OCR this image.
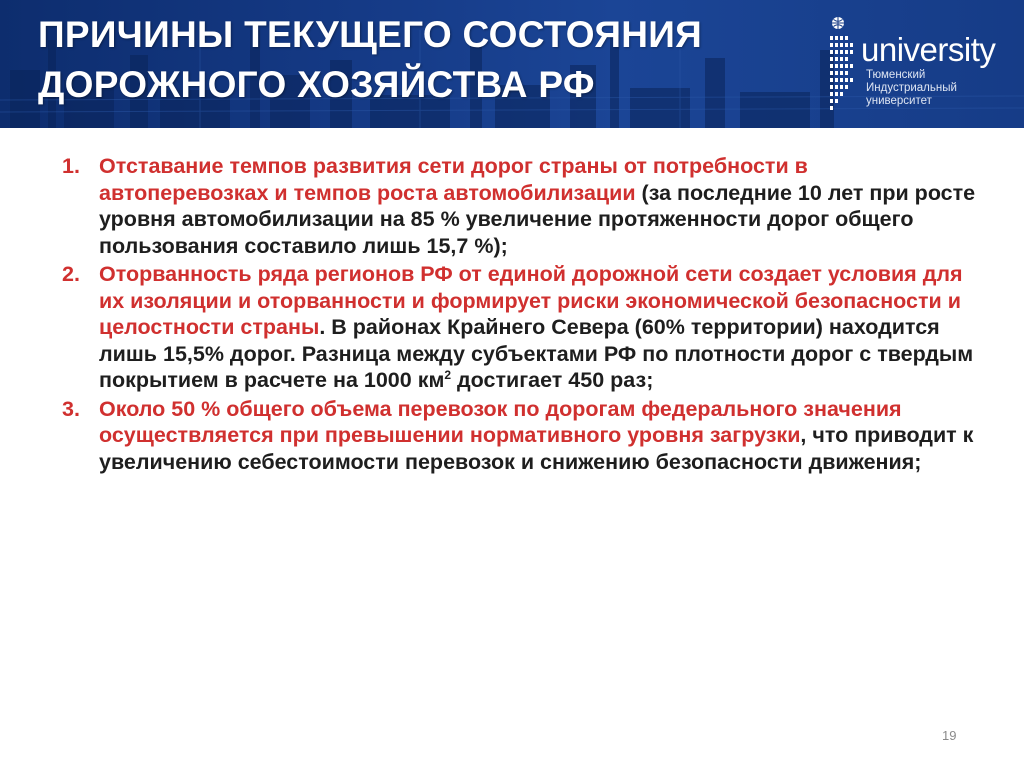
ПРИЧИНЫ ТЕКУЩЕГО СОСТОЯНИЯ
ДОРОЖНОГО ХОЗЯЙСТВА РФ
university
Тюменский
Индустриальный
университет
1. Отставание темпов развития сети дорог страны от потребности в автоперевозках и темпов роста автомобилизации (за последние 10 лет при росте уровня автомобилизации на 85 % увеличение протяженности дорог общего пользования составило лишь 15,7 %);
2. Оторванность ряда регионов РФ от единой дорожной сети создает условия для их изоляции и оторванности и формирует риски экономической безопасности и целостности страны. В районах Крайнего Севера (60% территории) находится лишь 15,5% дорог. Разница между субъектами РФ по плотности дорог с твердым покрытием в расчете на 1000 $км^2$ достигает 450 раз;
3. Около 50 % общего объема перевозок по дорогам федерального значения осуществляется при превышении нормативного уровня загрузки, что приводит к увеличению себестоимости перевозок и снижению безопасности движения;
19
